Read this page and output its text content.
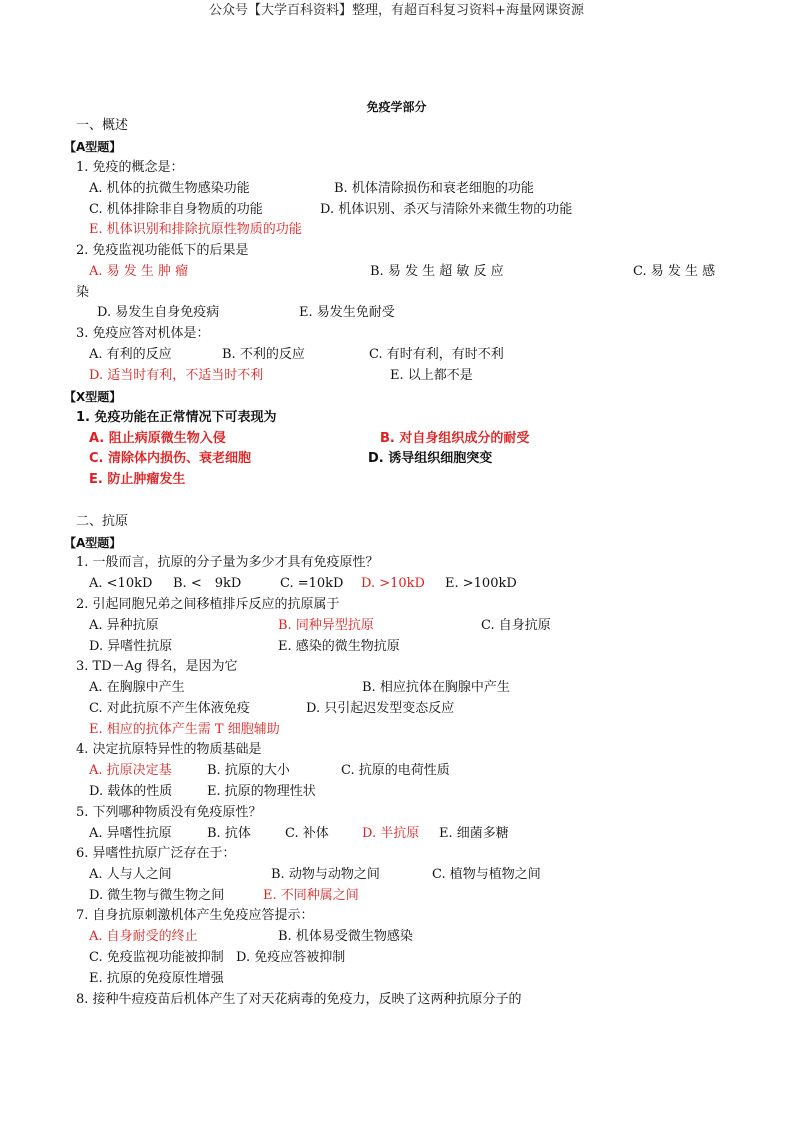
公众号【大学百科资料】整理，有超百科复习资料+海量网课资源
免疫学部分
一、概述
【A型题】
1. 免疫的概念是：
A. 机体的抗微生物感染功能	B. 机体清除损伤和衰老细胞的功能
C. 机体排除非自身物质的功能	D. 机体识别、杀灭与清除外来微生物的功能
E. 机体识别和排除抗原性物质的功能
2. 免疫监视功能低下的后果是
A. 易 发 生 肿 瘤	B. 易 发 生 超 敏 反 应	C. 易 发 生 感
染
D. 易发生自身免疫病	E. 易发生免耐受
3. 免疫应答对机体是：
A. 有利的反应	B. 不利的反应	C. 有时有利，有时不利
D. 适当时有利，不适当时不利	E. 以上都不是
【X型题】
1. 免疫功能在正常情况下可表现为
A. 阻止病原微生物入侵	B. 对自身组织成分的耐受
C. 清除体内损伤、衰老细胞	D. 诱导组织细胞突变
E. 防止肿瘤发生
二、抗原
【A型题】
1. 一般而言，抗原的分子量为多少才具有免疫原性？
A. <10kD B. <　9kD	C. =10kD D. >10kD E. >100kD
2. 引起同胞兄弟之间移植排斥反应的抗原属于
A. 异种抗原	B. 同种异型抗原	C. 自身抗原
D. 异嗜性抗原	E. 感染的微生物抗原
3. TD－Ag 得名，是因为它
A. 在胸腺中产生	B. 相应抗体在胸腺中产生
C. 对此抗原不产生体液免疫	D. 只引起迟发型变态反应
E. 相应的抗体产生需 T 细胞辅助
4. 决定抗原特异性的物质基础是
A. 抗原决定基	B. 抗原的大小	C. 抗原的电荷性质
D. 载体的性质	E. 抗原的物理性状
5. 下列哪种物质没有免疫原性？
A. 异嗜性抗原	B. 抗体	C. 补体	D. 半抗原 E. 细菌多糖
6. 异嗜性抗原广泛存在于：
A. 人与人之间	B. 动物与动物之间	C. 植物与植物之间
D. 微生物与微生物之间	E. 不同种属之间
7. 自身抗原刺激机体产生免疫应答提示：
A. 自身耐受的终止	B. 机体易受微生物感染
C. 免疫监视功能被抑制 D. 免疫应答被抑制
E. 抗原的免疫原性增强
8. 接种牛痘疫苗后机体产生了对天花病毒的免疫力，反映了这两种抗原分子的
